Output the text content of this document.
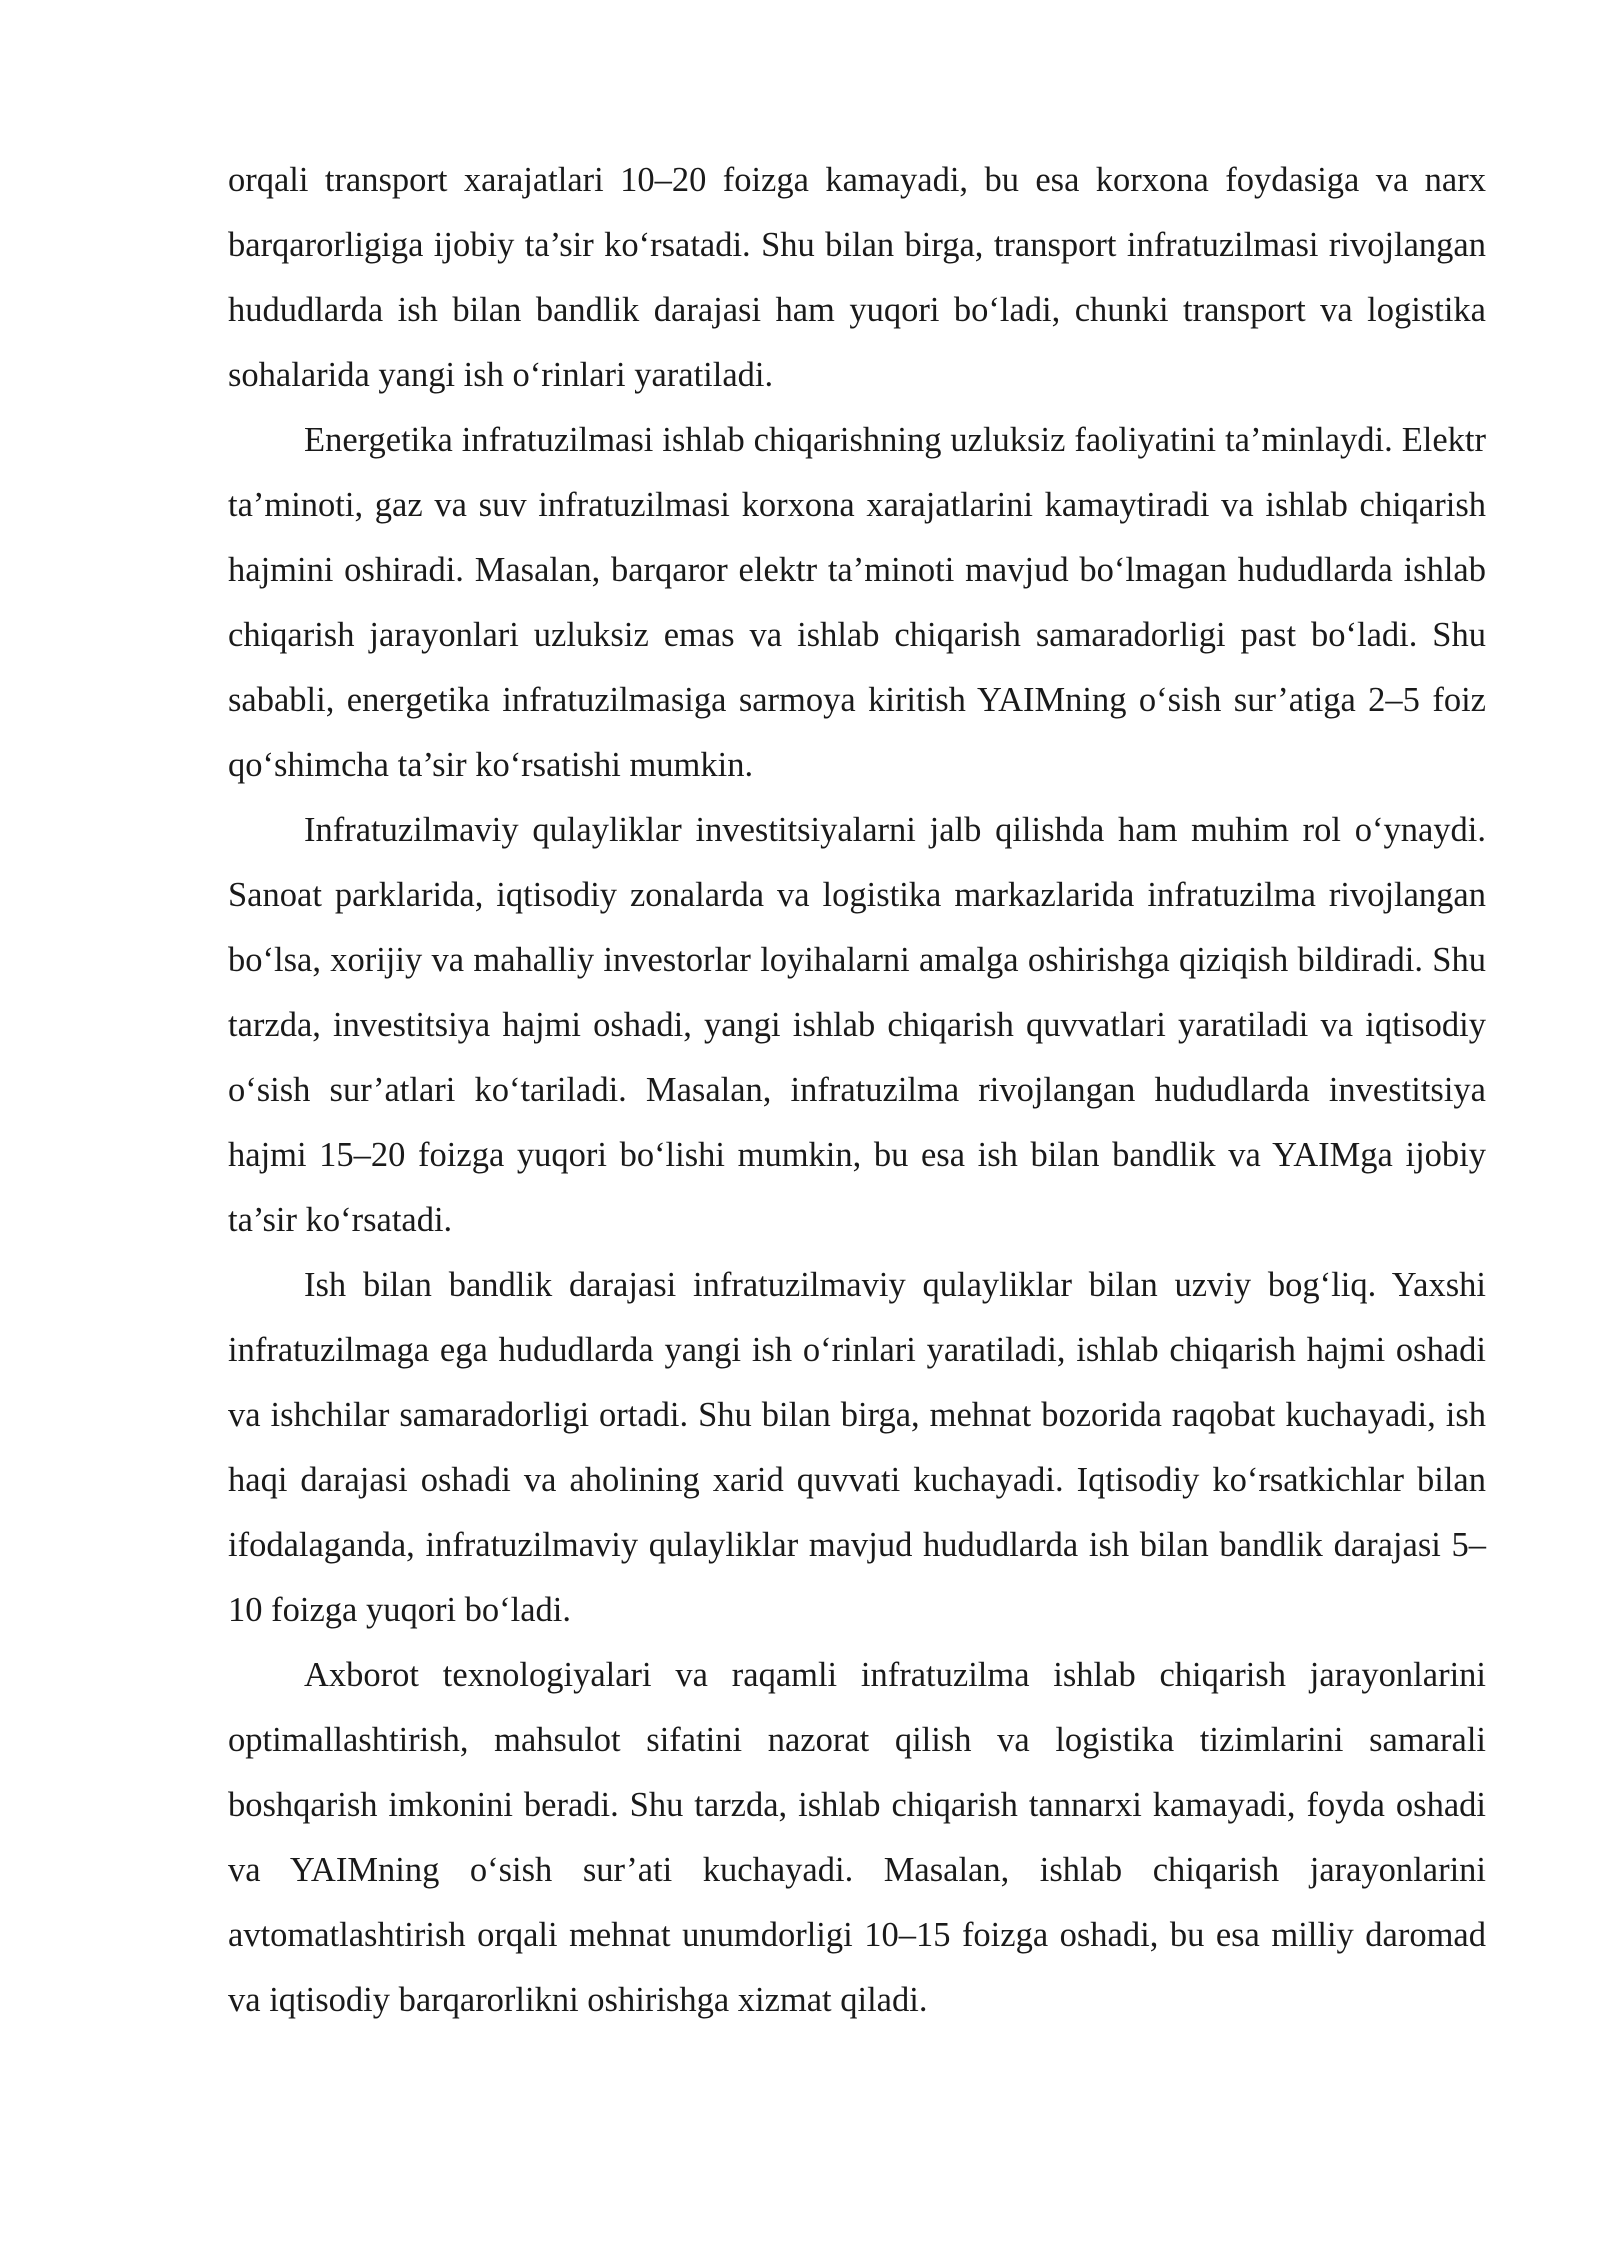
orqali transport xarajatlari 10–20 foizga kamayadi, bu esa korxona foydasiga va narx barqarorligiga ijobiy ta’sir ko‘rsatadi. Shu bilan birga, transport infratuzilmasi rivojlangan hududlarda ish bilan bandlik darajasi ham yuqori bo‘ladi, chunki transport va logistika sohalarida yangi ish o‘rinlari yaratiladi.

Energetika infratuzilmasi ishlab chiqarishning uzluksiz faoliyatini ta’minlaydi. Elektr ta’minoti, gaz va suv infratuzilmasi korxona xarajatlarini kamaytiradi va ishlab chiqarish hajmini oshiradi. Masalan, barqaror elektr ta’minoti mavjud bo‘lmagan hududlarda ishlab chiqarish jarayonlari uzluksiz emas va ishlab chiqarish samaradorligi past bo‘ladi. Shu sababli, energetika infratuzilmasiga sarmoya kiritish YAIMning o‘sish sur’atiga 2–5 foiz qo‘shimcha ta’sir ko‘rsatishi mumkin.

Infratuzilmaviy qulayliklar investitsiyalarni jalb qilishda ham muhim rol o‘ynaydi. Sanoat parklarida, iqtisodiy zonalarda va logistika markazlarida infratuzilma rivojlangan bo‘lsa, xorijiy va mahalliy investorlar loyihalarni amalga oshirishga qiziqish bildiradi. Shu tarzda, investitsiya hajmi oshadi, yangi ishlab chiqarish quvvatlari yaratiladi va iqtisodiy o‘sish sur’atlari ko‘tariladi. Masalan, infratuzilma rivojlangan hududlarda investitsiya hajmi 15–20 foizga yuqori bo‘lishi mumkin, bu esa ish bilan bandlik va YAIMga ijobiy ta’sir ko‘rsatadi.

Ish bilan bandlik darajasi infratuzilmaviy qulayliklar bilan uzviy bog‘liq. Yaxshi infratuzilmaga ega hududlarda yangi ish o‘rinlari yaratiladi, ishlab chiqarish hajmi oshadi va ishchilar samaradorligi ortadi. Shu bilan birga, mehnat bozorida raqobat kuchayadi, ish haqi darajasi oshadi va aholining xarid quvvati kuchayadi. Iqtisodiy ko‘rsatkichlar bilan ifodalaganda, infratuzilmaviy qulayliklar mavjud hududlarda ish bilan bandlik darajasi 5–10 foizga yuqori bo‘ladi.

Axborot texnologiyalari va raqamli infratuzilma ishlab chiqarish jarayonlarini optimallashtirish, mahsulot sifatini nazorat qilish va logistika tizimlarini samarali boshqarish imkonini beradi. Shu tarzda, ishlab chiqarish tannarxi kamayadi, foyda oshadi va YAIMning o‘sish sur’ati kuchayadi. Masalan, ishlab chiqarish jarayonlarini avtomatlashtirish orqali mehnat unumdorligi 10–15 foizga oshadi, bu esa milliy daromad va iqtisodiy barqarorlikni oshirishga xizmat qiladi.
